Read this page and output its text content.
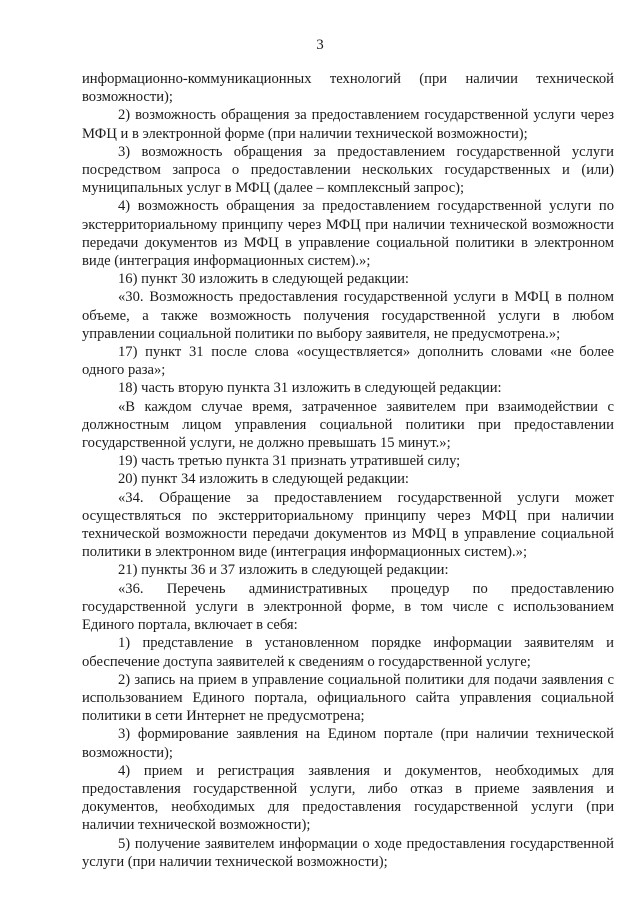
3

информационно-коммуникационных технологий (при наличии технической возможности);

2) возможность обращения за предоставлением государственной услуги через МФЦ и в электронной форме (при наличии технической возможности);

3) возможность обращения за предоставлением государственной услуги посредством запроса о предоставлении нескольких государственных и (или) муниципальных услуг в МФЦ (далее – комплексный запрос);

4) возможность обращения за предоставлением государственной услуги по экстерриториальному принципу через МФЦ при наличии технической возможности передачи документов из МФЦ в управление социальной политики в электронном виде (интеграция информационных систем).»;

16) пункт 30 изложить в следующей редакции:

«30. Возможность предоставления государственной услуги в МФЦ в полном объеме, а также возможность получения государственной услуги в любом управлении социальной политики по выбору заявителя, не предусмотрена.»;

17) пункт 31 после слова «осуществляется» дополнить словами «не более одного раза»;

18) часть вторую пункта 31 изложить в следующей редакции:

«В каждом случае время, затраченное заявителем при взаимодействии с должностным лицом управления социальной политики при предоставлении государственной услуги, не должно превышать 15 минут.»;

19) часть третью пункта 31 признать утратившей силу;

20) пункт 34 изложить в следующей редакции:

«34. Обращение за предоставлением государственной услуги может осуществляться по экстерриториальному принципу через МФЦ при наличии технической возможности передачи документов из МФЦ в управление социальной политики в электронном виде (интеграция информационных систем).»;

21) пункты 36 и 37 изложить в следующей редакции:

«36. Перечень административных процедур по предоставлению государственной услуги в электронной форме, в том числе с использованием Единого портала, включает в себя:

1) представление в установленном порядке информации заявителям и обеспечение доступа заявителей к сведениям о государственной услуге;

2) запись на прием в управление социальной политики для подачи заявления с использованием Единого портала, официального сайта управления социальной политики в сети Интернет не предусмотрена;

3) формирование заявления на Едином портале (при наличии технической возможности);

4) прием и регистрация заявления и документов, необходимых для предоставления государственной услуги, либо отказ в приеме заявления и документов, необходимых для предоставления государственной услуги (при наличии технической возможности);

5) получение заявителем информации о ходе предоставления государственной услуги (при наличии технической возможности);
